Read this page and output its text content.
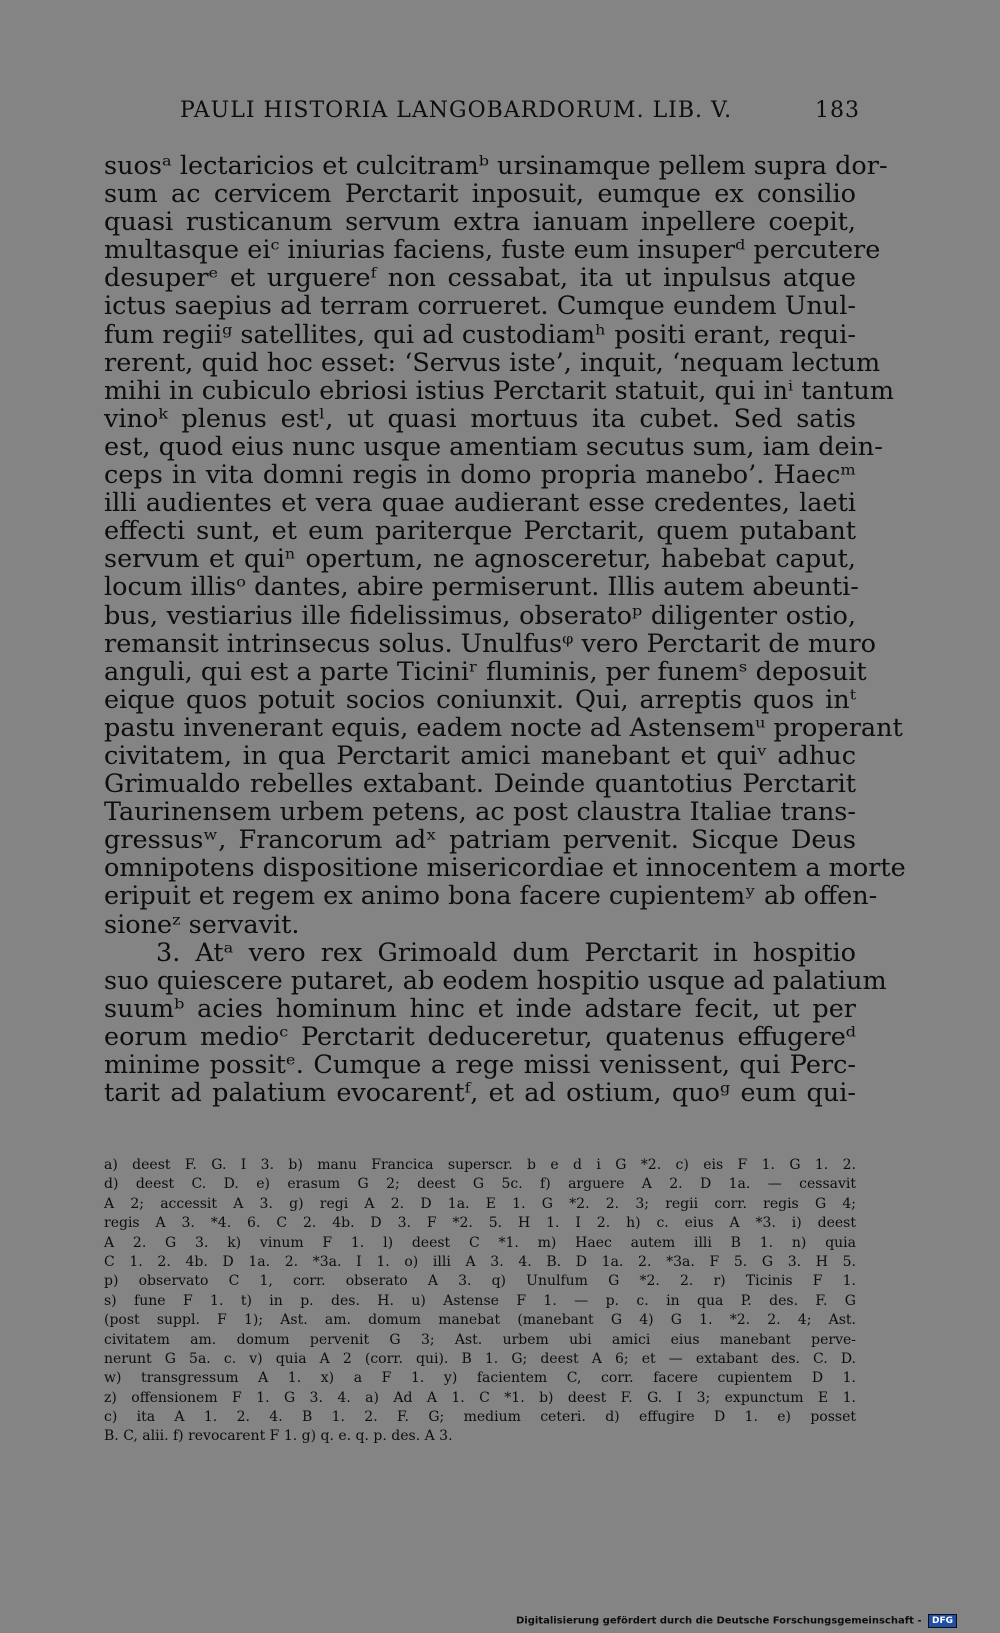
PAULI HISTORIA LANGOBARDORUM. LIB. V.	183
suosᵃ lectaricios et culcitramᵇ ursinamque pellem supra dor-
sum ac cervicem Perctarit inposuit, eumque ex consilio
quasi rusticanum servum extra ianuam inpellere coepit,
multasque eiᶜ iniurias faciens, fuste eum insuperᵈ percutere
desuperᵉ et urguereᶠ non cessabat, ita ut inpulsus atque
ictus saepius ad terram corrueret. Cumque eundem Unul-
fum regiiᵍ satellites, qui ad custodiamʰ positi erant, requi-
rerent, quid hoc esset: ‘Servus iste’, inquit, ‘nequam lectum
mihi in cubiculo ebriosi istius Perctarit statuit, qui inⁱ tantum
vinoᵏ plenus estˡ, ut quasi mortuus ita cubet. Sed satis
est, quod eius nunc usque amentiam secutus sum, iam dein-
ceps in vita domni regis in domo propria manebo’. Haecᵐ
illi audientes et vera quae audierant esse credentes, laeti
effecti sunt, et eum pariterque Perctarit, quem putabant
servum et quiⁿ opertum, ne agnosceretur, habebat caput,
locum illisᵒ dantes, abire permiserunt. Illis autem abeunti-
bus, vestiarius ille fidelissimus, obseratoᵖ diligenter ostio,
remansit intrinsecus solus. Unulfusᵠ vero Perctarit de muro
anguli, qui est a parte Ticiniʳ fluminis, per funemˢ deposuit
eique quos potuit socios coniunxit. Qui, arreptis quos inᵗ
pastu invenerant equis, eadem nocte ad Astensemᵘ properant
civitatem, in qua Perctarit amici manebant et quiᵛ adhuc
Grimualdo rebelles extabant. Deinde quantotius Perctarit
Taurinensem urbem petens, ac post claustra Italiae trans-
gressusʷ, Francorum adˣ patriam pervenit. Sicque Deus
omnipotens dispositione misericordiae et innocentem a morte
eripuit et regem ex animo bona facere cupientemʸ ab offen-
sioneᶻ servavit.
3. Atᵃ vero rex Grimoald dum Perctarit in hospitio
suo quiescere putaret, ab eodem hospitio usque ad palatium
suumᵇ acies hominum hinc et inde adstare fecit, ut per
eorum medioᶜ Perctarit deduceretur, quatenus effugereᵈ
minime possitᵉ. Cumque a rege missi venissent, qui Perc-
tarit ad palatium evocarentᶠ, et ad ostium, quoᵍ eum qui-
a) deest F. G. I 3. b) manu Francica superscr. b e d i G *2. c) eis F 1. G 1. 2.
d) deest C. D. e) erasum G 2; deest G 5c. f) arguere A 2. D 1a. — cessavit
A 2; accessit A 3. g) regi A 2. D 1a. E 1. G *2. 2. 3; regii corr. regis G 4;
regis A 3. *4. 6. C 2. 4b. D 3. F *2. 5. H 1. I 2. h) c. eius A *3. i) deest
A 2. G 3. k) vinum F 1. l) deest C *1. m) Haec autem illi B 1. n) quia
C 1. 2. 4b. D 1a. 2. *3a. I 1. o) illi A 3. 4. B. D 1a. 2. *3a. F 5. G 3. H 5.
p) observato C 1, corr. obserato A 3. q) Unulfum G *2. 2. r) Ticinis F 1.
s) fune F 1. t) in p. des. H. u) Astense F 1. — p. c. in qua P. des. F. G
(post suppl. F 1); Ast. am. domum manebat (manebant G 4) G 1. *2. 2. 4; Ast.
civitatem am. domum pervenit G 3; Ast. urbem ubi amici eius manebant perve-
nerunt G 5a. c. v) quia A 2 (corr. qui). B 1. G; deest A 6; et — extabant des. C. D.
w) transgressum A 1. x) a F 1. y) facientem C, corr. facere cupientem D 1.
z) offensionem F 1. G 3. 4. a) Ad A 1. C *1. b) deest F. G. I 3; expunctum E 1.
c) ita A 1. 2. 4. B 1. 2. F. G; medium ceteri. d) effugire D 1. e) posset
B. C, alii. f) revocarent F 1. g) q. e. q. p. des. A 3.
Digitalisierung gefördert durch die Deutsche Forschungsgemeinschaft - DFG
